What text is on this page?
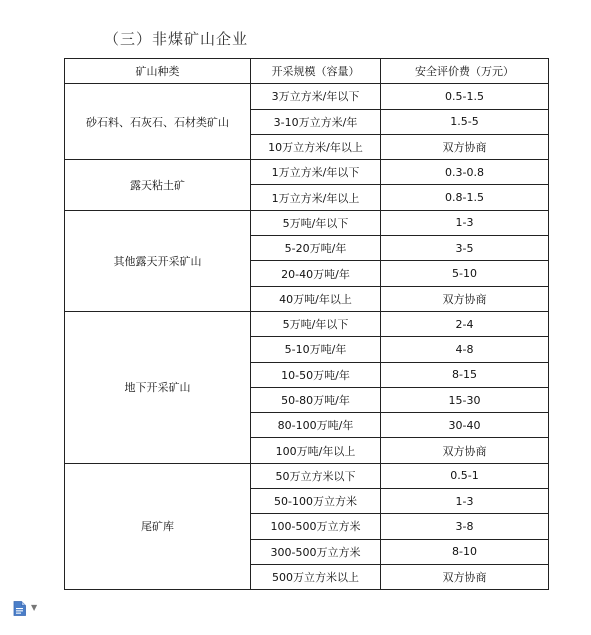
（三）非煤矿山企业
矿山种类	开采规模（容量）	安全评价费（万元）
砂石料、石灰石、石材类矿山	3万立方米/年以下	0.5-1.5
	3-10万立方米/年	1.5-5
	10万立方米/年以上	双方协商
露天粘土矿	1万立方米/年以下	0.3-0.8
	1万立方米/年以上	0.8-1.5
其他露天开采矿山	5万吨/年以下	1-3
	5-20万吨/年	3-5
	20-40万吨/年	5-10
	40万吨/年以上	双方协商
地下开采矿山	5万吨/年以下	2-4
	5-10万吨/年	4-8
	10-50万吨/年	8-15
	50-80万吨/年	15-30
	80-100万吨/年	30-40
	100万吨/年以上	双方协商
尾矿库	50万立方米以下	0.5-1
	50-100万立方米	1-3
	100-500万立方米	3-8
	300-500万立方米	8-10
	500万立方米以上	双方协商
▼
